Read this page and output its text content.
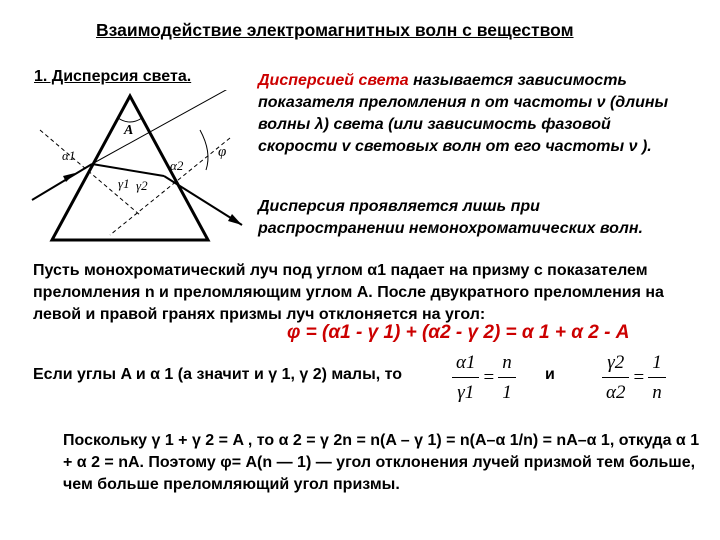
Взаимодействие электромагнитных волн с веществом
1. Дисперсия света.	Дисперсией света называется зависимость показателя преломления n от частоты ν (длины волны λ) света (или зависимость фазовой скорости v световых волн от его частоты ν ).
Дисперсия проявляется лишь при распространении немонохроматических волн.
A
α1
γ1 γ2
α2
φ
Пусть монохроматический луч под углом α1 падает на призму с показателем преломления n и преломляющим углом A. После двукратного преломления на левой и правой гранях призмы луч отклоняется на угол:
φ = (α1 - γ 1) + (α2 - γ 2) = α 1 + α 2 - A
Если углы A и α 1 (а значит и γ 1, γ 2) малы, то	$\frac{\alpha 1}{\gamma 1} = \frac{n}{1}$ и $\frac{\gamma 2}{\alpha 2} = \frac{1}{n}$
Поскольку γ 1 + γ 2 = A , то α 2 = γ 2n = n(A – γ 1) = n(A–α 1/n) = nA–α 1, откуда α 1 + α 2 = nA. Поэтому φ= A(n — 1) — угол отклонения лучей призмой тем больше, чем больше преломляющий угол призмы.
